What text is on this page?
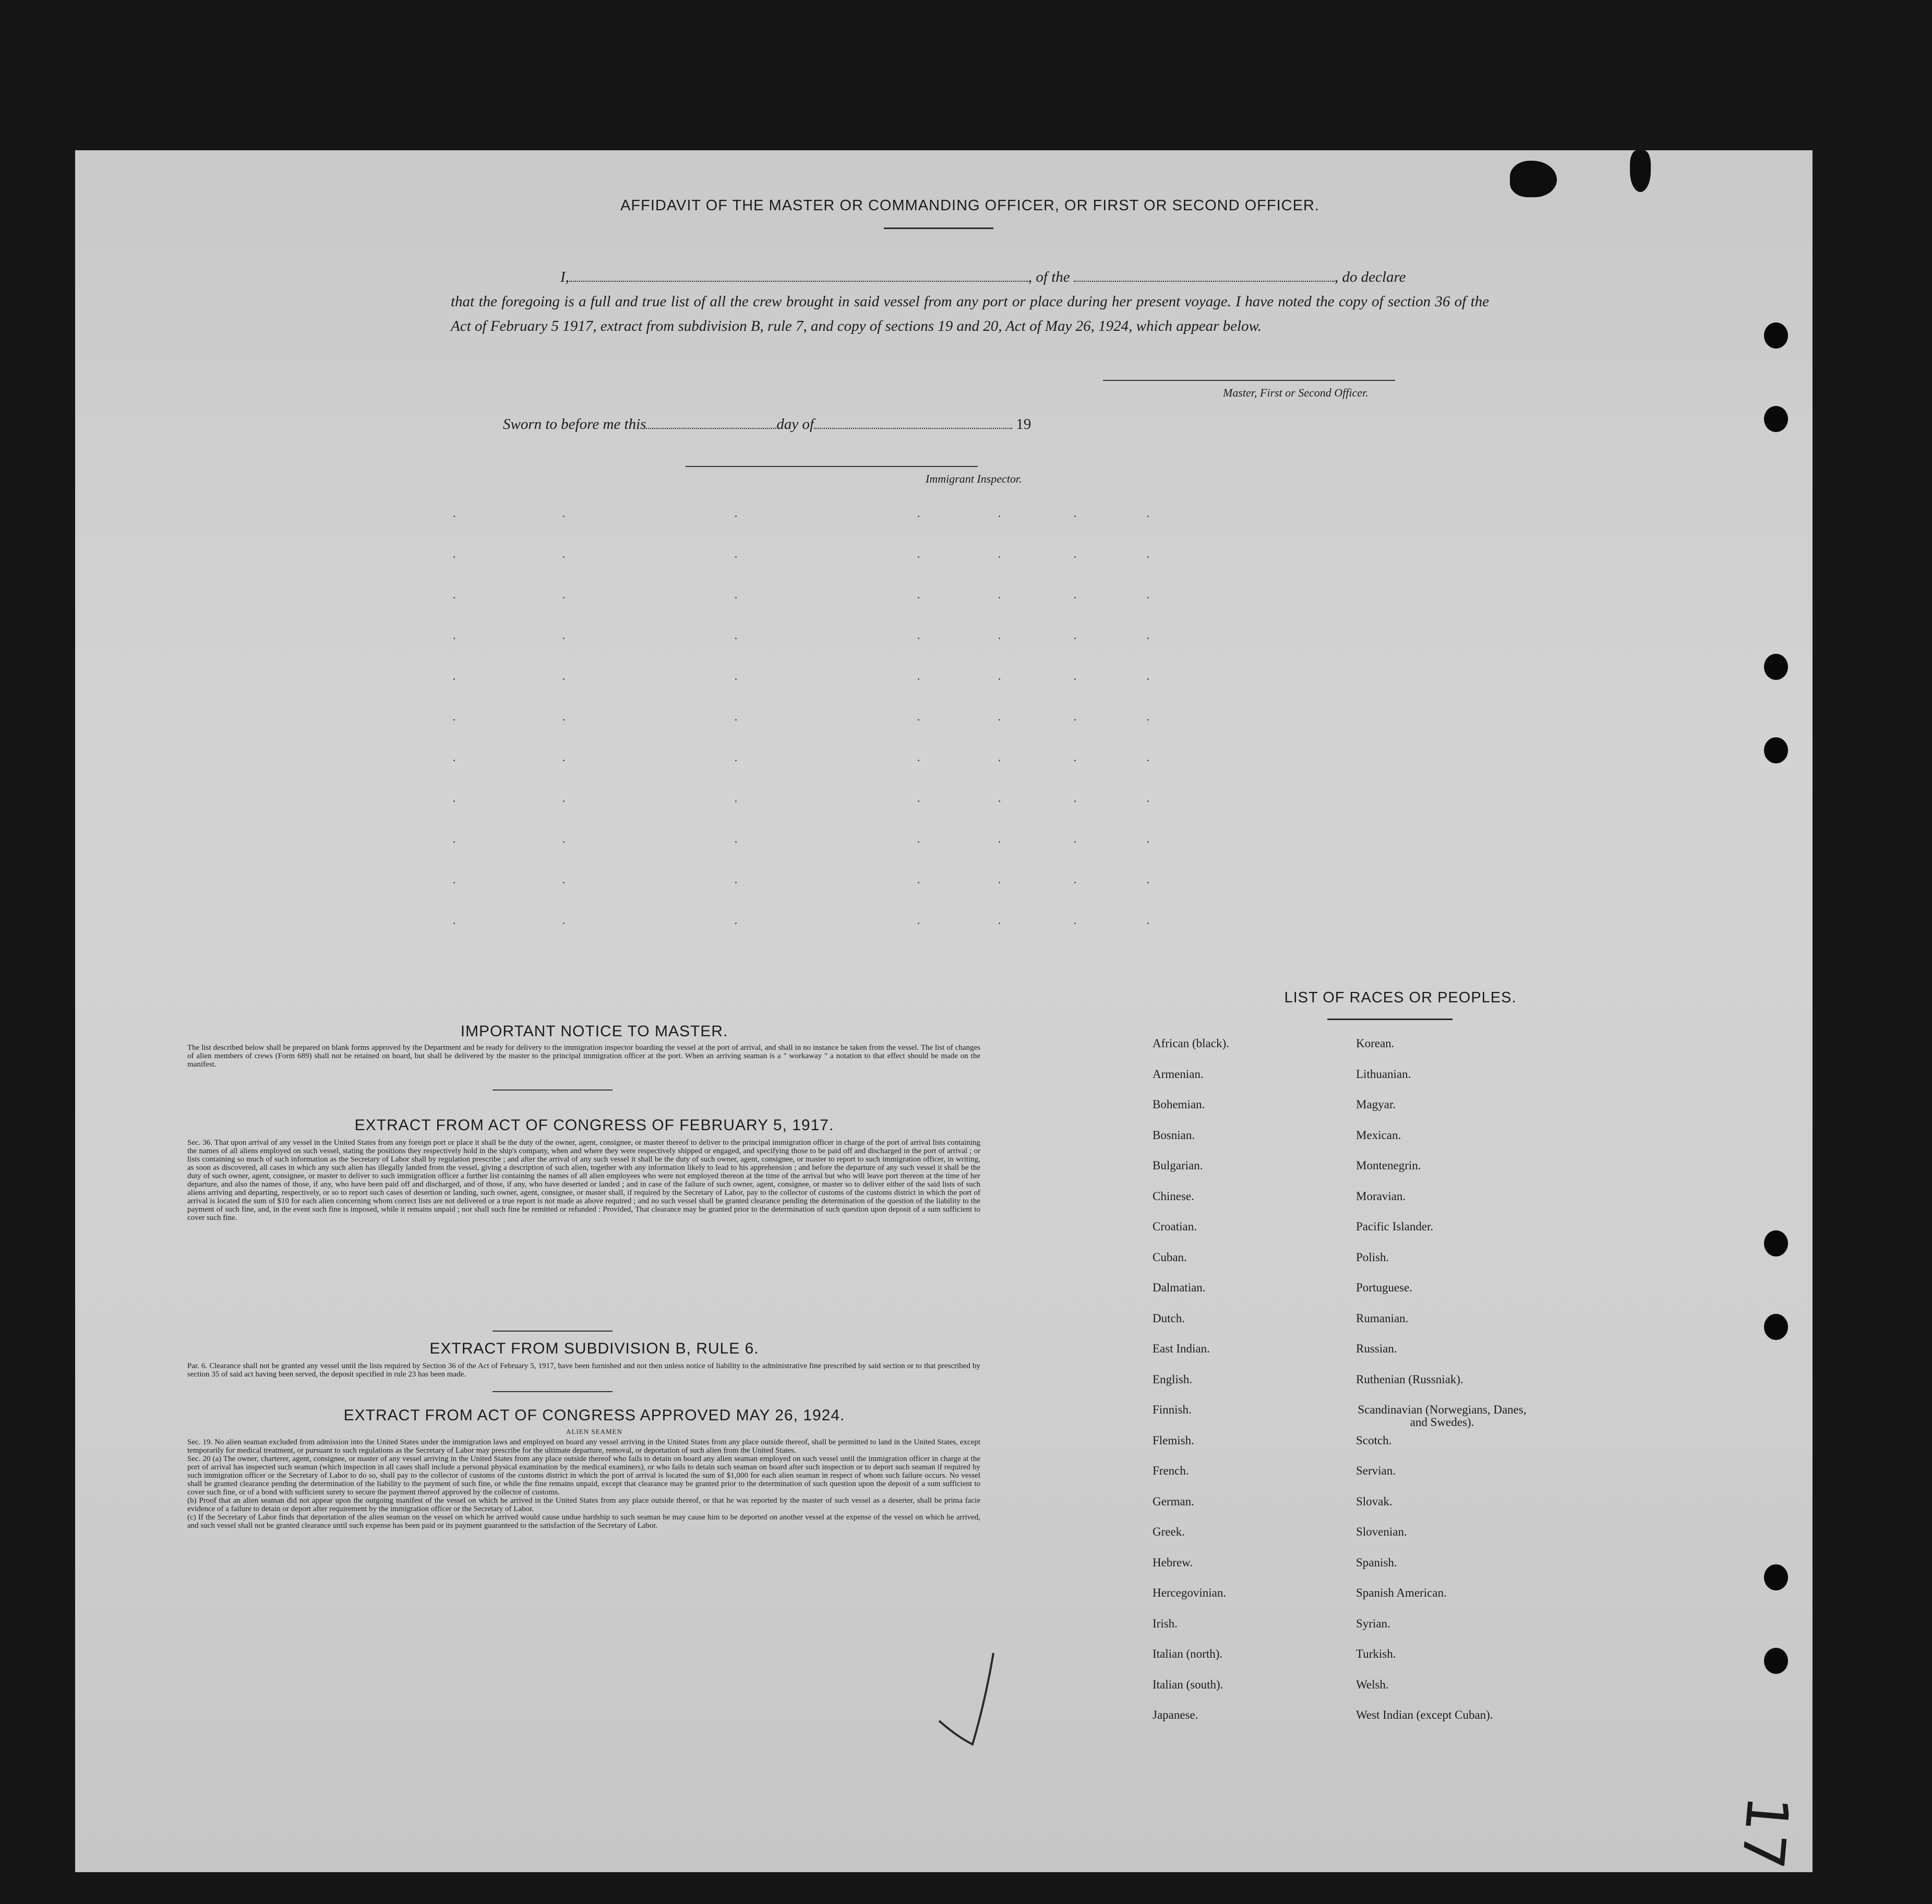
AFFIDAVIT OF THE MASTER OR COMMANDING OFFICER, OR FIRST OR SECOND OFFICER.
I,	, of the	, do declare
that the foregoing is a full and true list of all the crew brought in said vessel from any port or place during her present voyage. I have noted the copy of section 36 of the Act of February 5 1917, extract from subdivision B, rule 7, and copy of sections 19 and 20, Act of May 26, 1924, which appear below.
Master, First or Second Officer.
Sworn to before me this	day of	19
Immigrant Inspector.
IMPORTANT NOTICE TO MASTER.
The list described below shall be prepared on blank forms approved by the Department and be ready for delivery to the immigration inspector boarding the vessel at the port of arrival, and shall in no instance be taken from the vessel. The list of changes of alien members of crews (Form 689) shall not be retained on board, but shall be delivered by the master to the principal immigration officer at the port. When an arriving seaman is a " workaway " a notation to that effect should be made on the manifest.
EXTRACT FROM ACT OF CONGRESS OF FEBRUARY 5, 1917.
Sec. 36. That upon arrival of any vessel in the United States from any foreign port or place it shall be the duty of the owner, agent, consignee, or master thereof to deliver to the principal immigration officer in charge of the port of arrival lists containing the names of all aliens employed on such vessel, stating the positions they respectively hold in the ship's company, when and where they were respectively shipped or engaged, and specifying those to be paid off and discharged in the port of arrival ; or lists containing so much of such information as the Secretary of Labor shall by regulation prescribe ; and after the arrival of any such vessel it shall be the duty of such owner, agent, consignee, or master to report to such immigration officer, in writing, as soon as discovered, all cases in which any such alien has illegally landed from the vessel, giving a description of such alien, together with any information likely to lead to his apprehension ; and before the departure of any such vessel it shall be the duty of such owner, agent, consignee, or master to deliver to such immigration officer a further list containing the names of all alien employees who were not employed thereon at the time of the arrival but who will leave port thereon at the time of her departure, and also the names of those, if any, who have been paid off and discharged, and of those, if any, who have deserted or landed ; and in case of the failure of such owner, agent, consignee, or master so to deliver either of the said lists of such aliens arriving and departing, respectively, or so to report such cases of desertion or landing, such owner, agent, consignee, or master shall, if required by the Secretary of Labor, pay to the collector of customs of the customs district in which the port of arrival is located the sum of $10 for each alien concerning whom correct lists are not delivered or a true report is not made as above required ; and no such vessel shall be granted clearance pending the determination of the question of the liability to the payment of such fine, and, in the event such fine is imposed, while it remains unpaid ; nor shall such fine be remitted or refunded : Provided, That clearance may be granted prior to the determination of such question upon deposit of a sum sufficient to cover such fine.
EXTRACT FROM SUBDIVISION B, RULE 6.
Par. 6. Clearance shall not be granted any vessel until the lists required by Section 36 of the Act of February 5, 1917, have been furnished and not then unless notice of liability to the administrative fine prescribed by said section or to that prescribed by section 35 of said act having been served, the deposit specified in rule 23 has been made.
EXTRACT FROM ACT OF CONGRESS APPROVED MAY 26, 1924.
ALIEN SEAMEN
Sec. 19. No alien seaman excluded from admission into the United States under the immigration laws and employed on board any vessel arriving in the United States from any place outside thereof, shall be permitted to land in the United States, except temporarily for medical treatment, or pursuant to such regulations as the Secretary of Labor may prescribe for the ultimate departure, removal, or deportation of such alien from the United States.
Sec. 20 (a) The owner, charterer, agent, consignee, or master of any vessel arriving in the United States from any place outside thereof who fails to detain on board any alien seaman employed on such vessel until the immigration officer in charge at the port of arrival has inspected such seaman (which inspection in all cases shall include a personal physical examination by the medical examiners), or who fails to detain such seaman on board after such inspection or to deport such seaman if required by such immigration officer or the Secretary of Labor to do so, shall pay to the collector of customs of the customs district in which the port of arrival is located the sum of $1,000 for each alien seaman in respect of whom such failure occurs. No vessel shall be granted clearance pending the determination of the liability to the payment of such fine, or while the fine remains unpaid, except that clearance may be granted prior to the determination of such question upon the deposit of a sum sufficient to cover such fine, or of a bond with sufficient surety to secure the payment thereof approved by the collector of customs.
(b) Proof that an alien seaman did not appear upon the outgoing manifest of the vessel on which he arrived in the United States from any place outside thereof, or that he was reported by the master of such vessel as a deserter, shall be prima facie evidence of a failure to detain or deport after requirement by the immigration officer or the Secretary of Labor.
(c) If the Secretary of Labor finds that deportation of the alien seaman on the vessel on which he arrived would cause undue hardship to such seaman he may cause him to be deported on another vessel at the expense of the vessel on which he arrived, and such vessel shall not be granted clearance until such expense has been paid or its payment guaranteed to the satisfaction of the Secretary of Labor.
LIST OF RACES OR PEOPLES.
African (black).
Armenian.
Bohemian.
Bosnian.
Bulgarian.
Chinese.
Croatian.
Cuban.
Dalmatian.
Dutch.
East Indian.
English.
Finnish.
Flemish.
French.
German.
Greek.
Hebrew.
Hercegovinian.
Irish.
Italian (north).
Italian (south).
Japanese.
Korean.
Lithuanian.
Magyar.
Mexican.
Montenegrin.
Moravian.
Pacific Islander.
Polish.
Portuguese.
Rumanian.
Russian.
Ruthenian (Russniak).
Scandinavian (Norwegians, Danes, and Swedes).
Scotch.
Servian.
Slovak.
Slovenian.
Spanish.
Spanish American.
Syrian.
Turkish.
Welsh.
West Indian (except Cuban).
17
